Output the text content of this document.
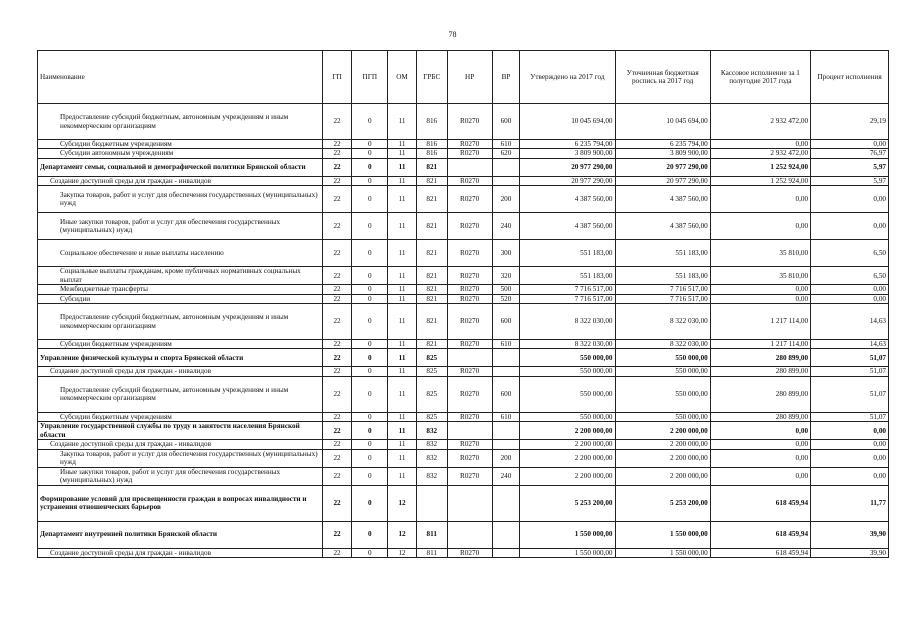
78
Наименование	ГП	ПГП	ОМ	ГРБС	НР	ВР	Утверждено на 2017 год	Уточненная бюджетная роспись на 2017 год	Кассовое исполнение за 1 полугодие 2017 года	Процент исполнения
Предоставление субсидий бюджетным, автономным учреждениям и иным некоммерческим организациям	22	0	11	816	R0270	600	10 045 694,00	10 045 694,00	2 932 472,00	29,19
Субсидии бюджетным учреждениям	22	0	11	816	R0270	610	6 235 794,00	6 235 794,00	0,00	0,00
Субсидии автономным учреждениям	22	0	11	816	R0270	620	3 809 900,00	3 809 900,00	2 932 472,00	76,97
Департамент семьи, социальной и демографической политики Брянской области	22	0	11	821			20 977 290,00	20 977 290,00	1 252 924,00	5,97
Создание доступной среды для граждан - инвалидов	22	0	11	821	R0270		20 977 290,00	20 977 290,00	1 252 924,00	5,97
Закупка товаров, работ и услуг для обеспечения государственных (муниципальных) нужд	22	0	11	821	R0270	200	4 387 560,00	4 387 560,00	0,00	0,00
Иные закупки товаров, работ и услуг для обеспечения государственных (муниципальных) нужд	22	0	11	821	R0270	240	4 387 560,00	4 387 560,00	0,00	0,00
Социальное обеспечение и иные выплаты населению	22	0	11	821	R0270	300	551 183,00	551 183,00	35 810,00	6,50
Социальные выплаты гражданам, кроме публичных нормативных социальных выплат	22	0	11	821	R0270	320	551 183,00	551 183,00	35 810,00	6,50
Межбюджетные трансферты	22	0	11	821	R0270	500	7 716 517,00	7 716 517,00	0,00	0,00
Субсидии	22	0	11	821	R0270	520	7 716 517,00	7 716 517,00	0,00	0,00
Предоставление субсидий бюджетным, автономным учреждениям и иным некоммерческим организациям	22	0	11	821	R0270	600	8 322 030,00	8 322 030,00	1 217 114,00	14,63
Субсидии бюджетным учреждениям	22	0	11	821	R0270	610	8 322 030,00	8 322 030,00	1 217 114,00	14,63
Управление физической культуры и спорта Брянской области	22	0	11	825			550 000,00	550 000,00	280 899,00	51,07
Создание доступной среды для граждан - инвалидов	22	0	11	825	R0270		550 000,00	550 000,00	280 899,00	51,07
Предоставление субсидий бюджетным, автономным учреждениям и иным некоммерческим организациям	22	0	11	825	R0270	600	550 000,00	550 000,00	280 899,00	51,07
Субсидии бюджетным учреждениям	22	0	11	825	R0270	610	550 000,00	550 000,00	280 899,00	51,07
Управление государственной службы по труду и занятости населения Брянской области	22	0	11	832			2 200 000,00	2 200 000,00	0,00	0,00
Создание доступной среды для граждан - инвалидов	22	0	11	832	R0270		2 200 000,00	2 200 000,00	0,00	0,00
Закупка товаров, работ и услуг для обеспечения государственных (муниципальных) нужд	22	0	11	832	R0270	200	2 200 000,00	2 200 000,00	0,00	0,00
Иные закупки товаров, работ и услуг для обеспечения государственных (муниципальных) нужд	22	0	11	832	R0270	240	2 200 000,00	2 200 000,00	0,00	0,00
Формирование условий для просвещенности граждан в вопросах инвалидности и устранения отношенческих барьеров	22	0	12				5 253 200,00	5 253 200,00	618 459,94	11,77
Департамент внутренней политики Брянской области	22	0	12	811			1 550 000,00	1 550 000,00	618 459,94	39,90
Создание доступной среды для граждан - инвалидов	22	0	12	811	R0270		1 550 000,00	1 550 000,00	618 459,94	39,90
